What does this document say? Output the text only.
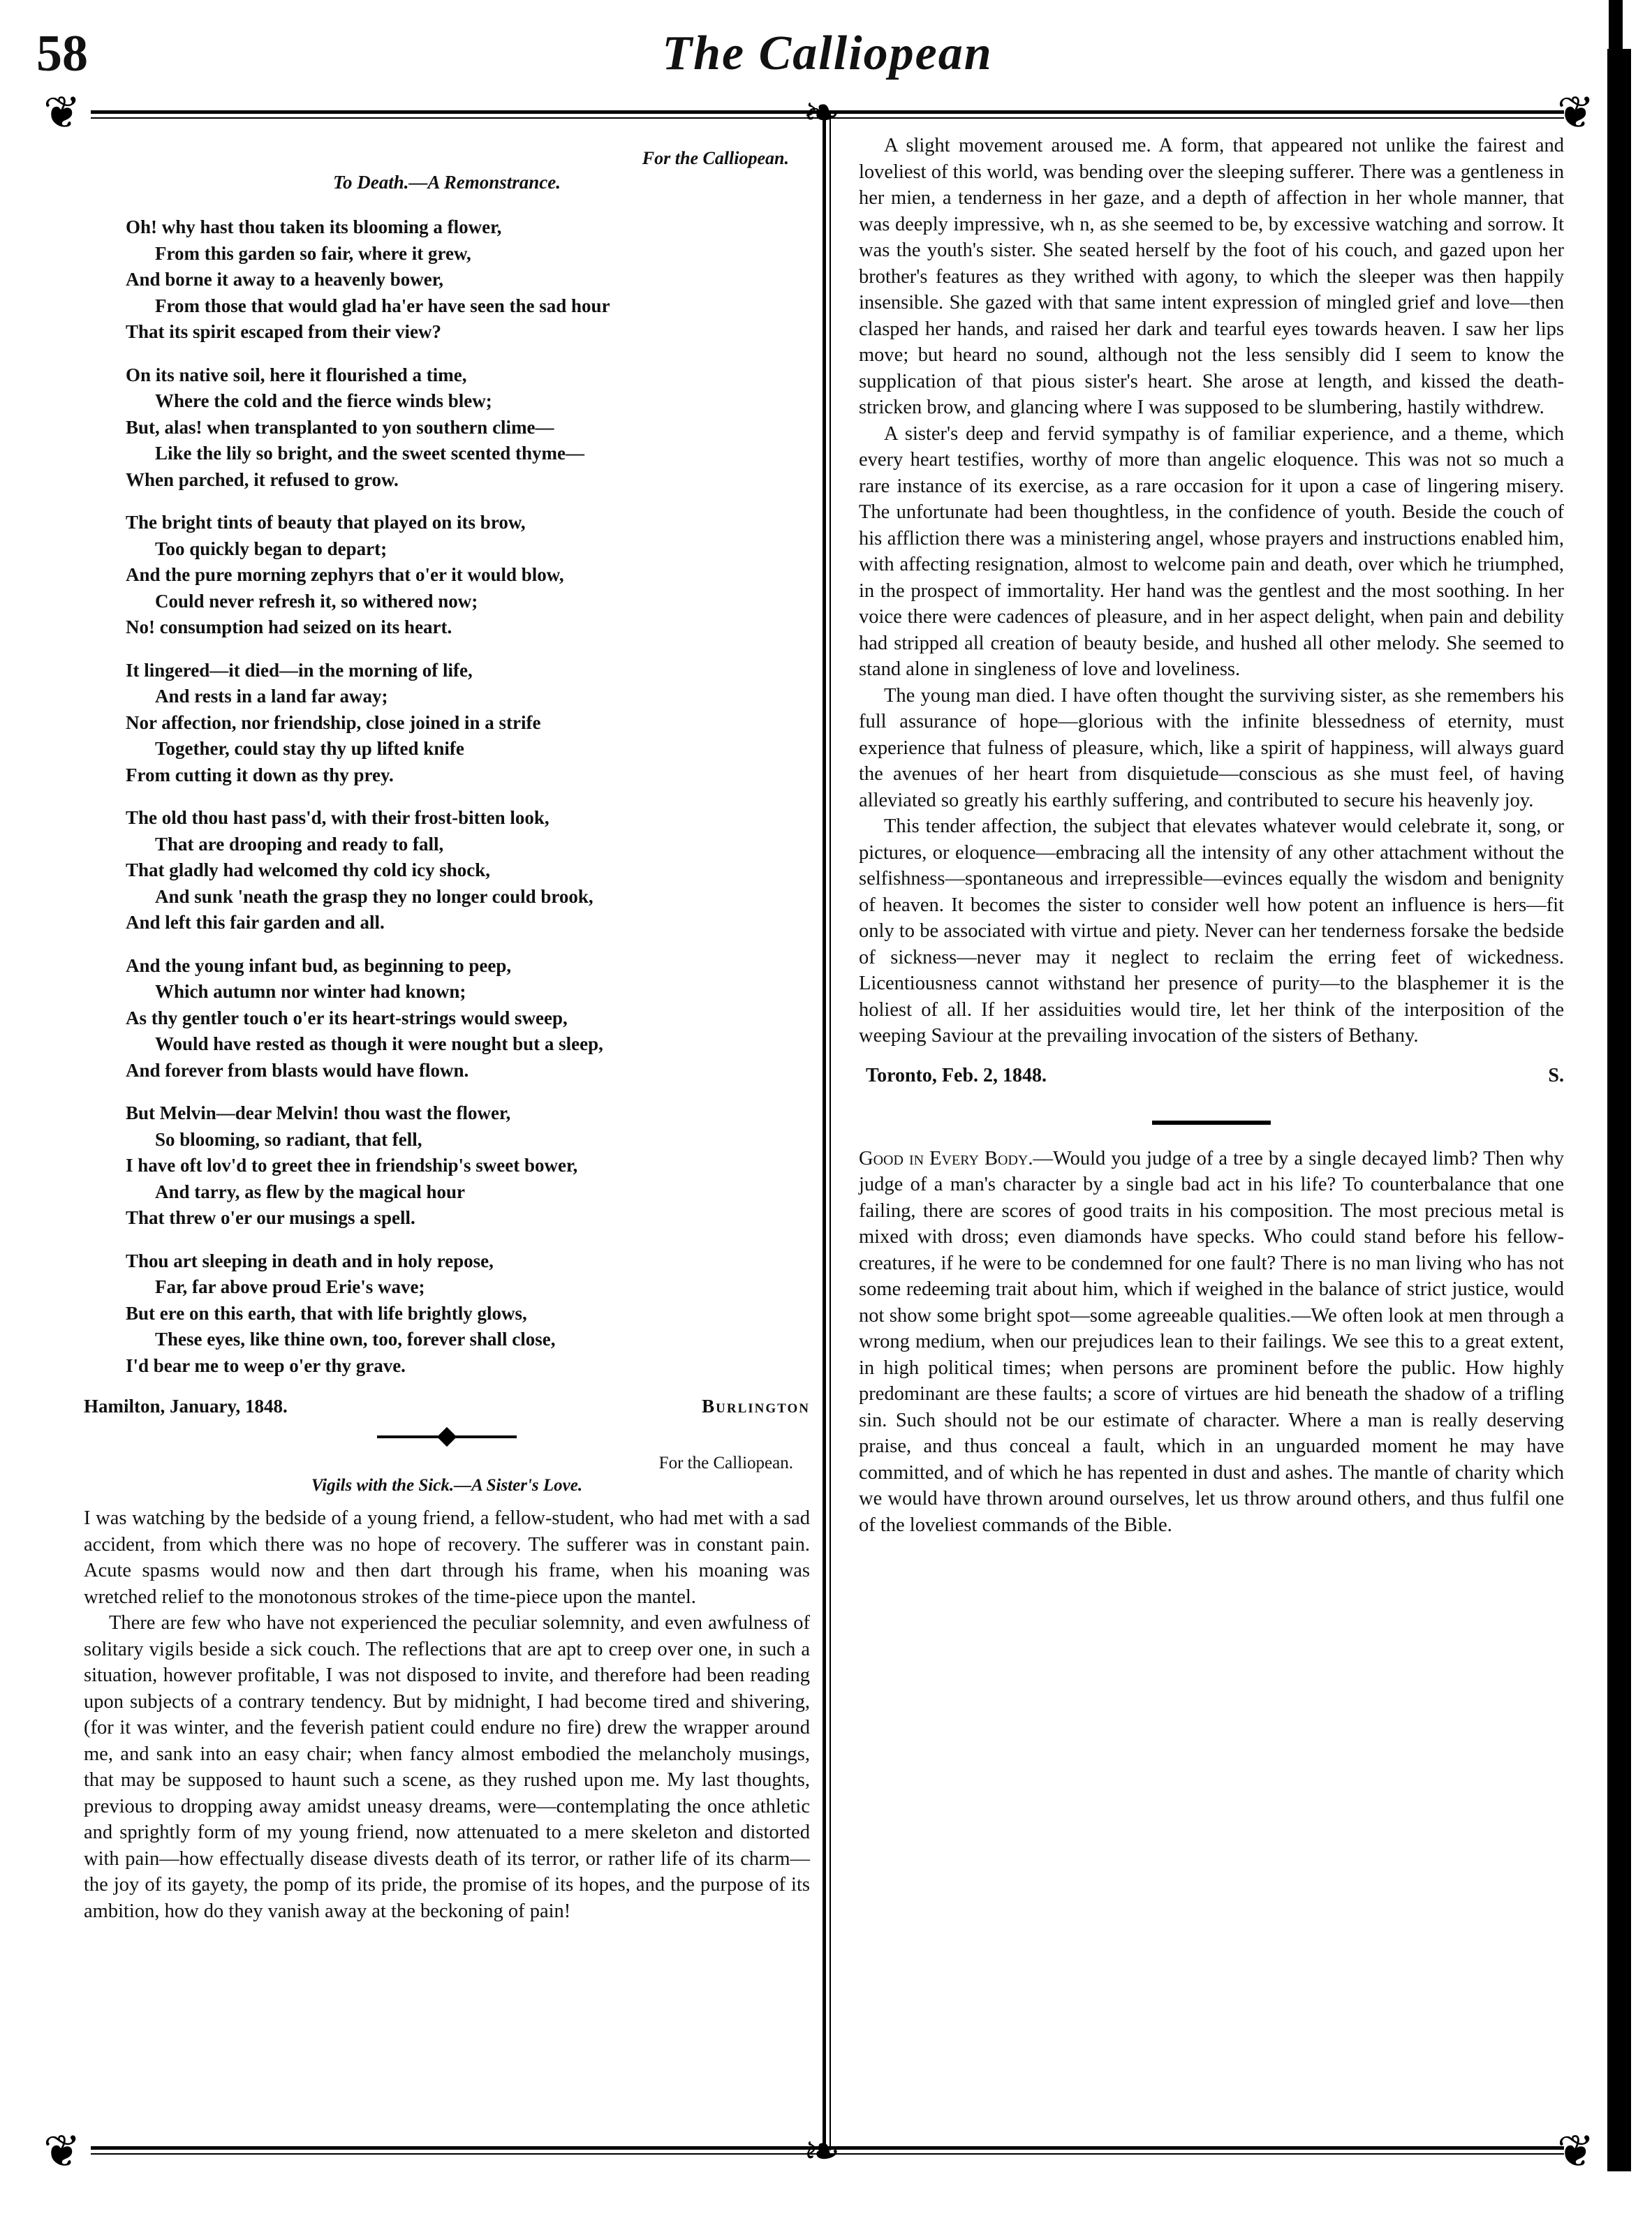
58	The Calliopean
❦	❧	❦
❦	❧	❦
For the Calliopean.
To Death.—A Remonstrance.
Oh! why hast thou taken its blooming a flower,
From this garden so fair, where it grew,
And borne it away to a heavenly bower,
From those that would glad ha'er have seen the sad hour
That its spirit escaped from their view?
On its native soil, here it flourished a time,
Where the cold and the fierce winds blew;
But, alas! when transplanted to yon southern clime—
Like the lily so bright, and the sweet scented thyme—
When parched, it refused to grow.
The bright tints of beauty that played on its brow,
Too quickly began to depart;
And the pure morning zephyrs that o'er it would blow,
Could never refresh it, so withered now;
No! consumption had seized on its heart.
It lingered—it died—in the morning of life,
And rests in a land far away;
Nor affection, nor friendship, close joined in a strife
Together, could stay thy up lifted knife
From cutting it down as thy prey.
The old thou hast pass'd, with their frost-bitten look,
That are drooping and ready to fall,
That gladly had welcomed thy cold icy shock,
And sunk 'neath the grasp they no longer could brook,
And left this fair garden and all.
And the young infant bud, as beginning to peep,
Which autumn nor winter had known;
As thy gentler touch o'er its heart-strings would sweep,
Would have rested as though it were nought but a sleep,
And forever from blasts would have flown.
But Melvin—dear Melvin! thou wast the flower,
So blooming, so radiant, that fell,
I have oft lov'd to greet thee in friendship's sweet bower,
And tarry, as flew by the magical hour
That threw o'er our musings a spell.
Thou art sleeping in death and in holy repose,
Far, far above proud Erie's wave;
But ere on this earth, that with life brightly glows,
These eyes, like thine own, too, forever shall close,
I'd bear me to weep o'er thy grave.
Hamilton, January, 1848.	Burlington
For the Calliopean.
Vigils with the Sick.—A Sister's Love.

I was watching by the bedside of a young friend, a fellow-student, who had met with a sad accident, from which there was no hope of recovery. The sufferer was in constant pain. Acute spasms would now and then dart through his frame, when his moaning was wretched relief to the monotonous strokes of the time-piece upon the mantel.

There are few who have not experienced the peculiar solemnity, and even awfulness of solitary vigils beside a sick couch. The reflections that are apt to creep over one, in such a situation, however profitable, I was not disposed to invite, and therefore had been reading upon subjects of a contrary tendency. But by midnight, I had become tired and shivering, (for it was winter, and the feverish patient could endure no fire) drew the wrapper around me, and sank into an easy chair; when fancy almost embodied the melancholy musings, that may be supposed to haunt such a scene, as they rushed upon me. My last thoughts, previous to dropping away amidst uneasy dreams, were—contemplating the once athletic and sprightly form of my young friend, now attenuated to a mere skeleton and distorted with pain—how effectually disease divests death of its terror, or rather life of its charm—the joy of its gayety, the pomp of its pride, the promise of its hopes, and the purpose of its ambition, how do they vanish away at the beckoning of pain!

A slight movement aroused me. A form, that appeared not unlike the fairest and loveliest of this world, was bending over the sleeping sufferer. There was a gentleness in her mien, a tenderness in her gaze, and a depth of affection in her whole manner, that was deeply impressive, wh n, as she seemed to be, by excessive watching and sorrow. It was the youth's sister. She seated herself by the foot of his couch, and gazed upon her brother's features as they writhed with agony, to which the sleeper was then happily insensible. She gazed with that same intent expression of mingled grief and love—then clasped her hands, and raised her dark and tearful eyes towards heaven. I saw her lips move; but heard no sound, although not the less sensibly did I seem to know the supplication of that pious sister's heart. She arose at length, and kissed the death-stricken brow, and glancing where I was supposed to be slumbering, hastily withdrew.

A sister's deep and fervid sympathy is of familiar experience, and a theme, which every heart testifies, worthy of more than angelic eloquence. This was not so much a rare instance of its exercise, as a rare occasion for it upon a case of lingering misery. The unfortunate had been thoughtless, in the confidence of youth. Beside the couch of his affliction there was a ministering angel, whose prayers and instructions enabled him, with affecting resignation, almost to welcome pain and death, over which he triumphed, in the prospect of immortality. Her hand was the gentlest and the most soothing. In her voice there were cadences of pleasure, and in her aspect delight, when pain and debility had stripped all creation of beauty beside, and hushed all other melody. She seemed to stand alone in singleness of love and loveliness.

The young man died. I have often thought the surviving sister, as she remembers his full assurance of hope—glorious with the infinite blessedness of eternity, must experience that fulness of pleasure, which, like a spirit of happiness, will always guard the avenues of her heart from disquietude—conscious as she must feel, of having alleviated so greatly his earthly suffering, and contributed to secure his heavenly joy.

This tender affection, the subject that elevates whatever would celebrate it, song, or pictures, or eloquence—embracing all the intensity of any other attachment without the selfishness—spontaneous and irrepressible—evinces equally the wisdom and benignity of heaven. It becomes the sister to consider well how potent an influence is hers—fit only to be associated with virtue and piety. Never can her tenderness forsake the bedside of sickness—never may it neglect to reclaim the erring feet of wickedness. Licentiousness cannot withstand her presence of purity—to the blasphemer it is the holiest of all. If her assiduities would tire, let her think of the interposition of the weeping Saviour at the prevailing invocation of the sisters of Bethany.

Toronto, Feb. 2, 1848.	S.

Good in Every Body.—Would you judge of a tree by a single decayed limb? Then why judge of a man's character by a single bad act in his life? To counterbalance that one failing, there are scores of good traits in his composition. The most precious metal is mixed with dross; even diamonds have specks. Who could stand before his fellow-creatures, if he were to be condemned for one fault? There is no man living who has not some redeeming trait about him, which if weighed in the balance of strict justice, would not show some bright spot—some agreeable qualities.—We often look at men through a wrong medium, when our prejudices lean to their failings. We see this to a great extent, in high political times; when persons are prominent before the public. How highly predominant are these faults; a score of virtues are hid beneath the shadow of a trifling sin. Such should not be our estimate of character. Where a man is really deserving praise, and thus conceal a fault, which in an unguarded moment he may have committed, and of which he has repented in dust and ashes. The mantle of charity which we would have thrown around ourselves, let us throw around others, and thus fulfil one of the loveliest commands of the Bible.
